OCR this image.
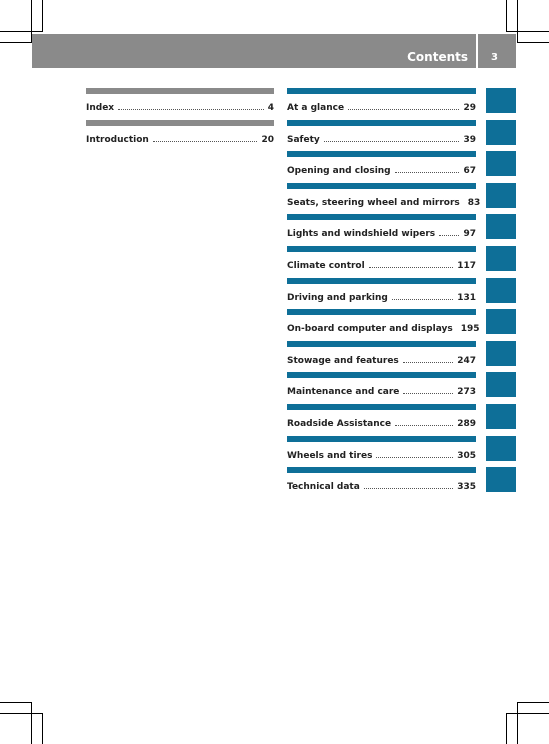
Contents 3
Index	4
Introduction	20
At a glance	29
Safety	39
Opening and closing	67
Seats, steering wheel and mirrors 83
Lights and windshield wipers	97
Climate control	117
Driving and parking	131
On-board computer and displays 195
Stowage and features	247
Maintenance and care	273
Roadside Assistance	289
Wheels and tires	305
Technical data	335
